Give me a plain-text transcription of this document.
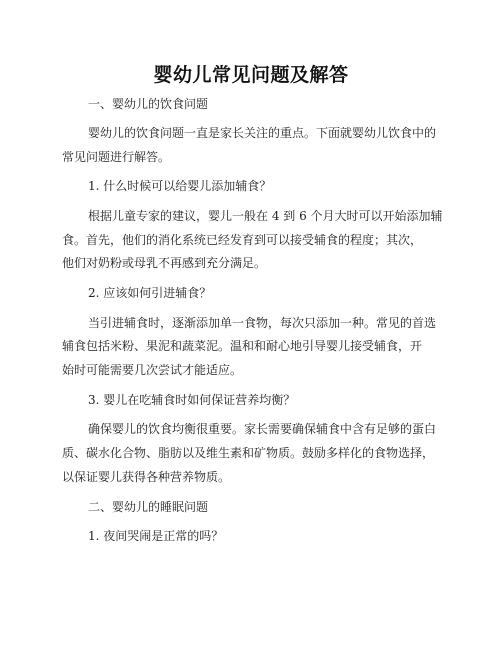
婴幼儿常见问题及解答
一、婴幼儿的饮食问题
婴幼儿的饮食问题一直是家长关注的重点。下面就婴幼儿饮食中的
常见问题进行解答。
1. 什么时候可以给婴儿添加辅食？
根据儿童专家的建议，婴儿一般在 4 到 6 个月大时可以开始添加辅
食。首先，他们的消化系统已经发育到可以接受辅食的程度；其次，
他们对奶粉或母乳不再感到充分满足。
2. 应该如何引进辅食？
当引进辅食时，逐渐添加单一食物，每次只添加一种。常见的首选
辅食包括米粉、果泥和蔬菜泥。温和和耐心地引导婴儿接受辅食，开
始时可能需要几次尝试才能适应。
3. 婴儿在吃辅食时如何保证营养均衡？
确保婴儿的饮食均衡很重要。家长需要确保辅食中含有足够的蛋白
质、碳水化合物、脂肪以及维生素和矿物质。鼓励多样化的食物选择，
以保证婴儿获得各种营养物质。
二、婴幼儿的睡眠问题
1. 夜间哭闹是正常的吗？
